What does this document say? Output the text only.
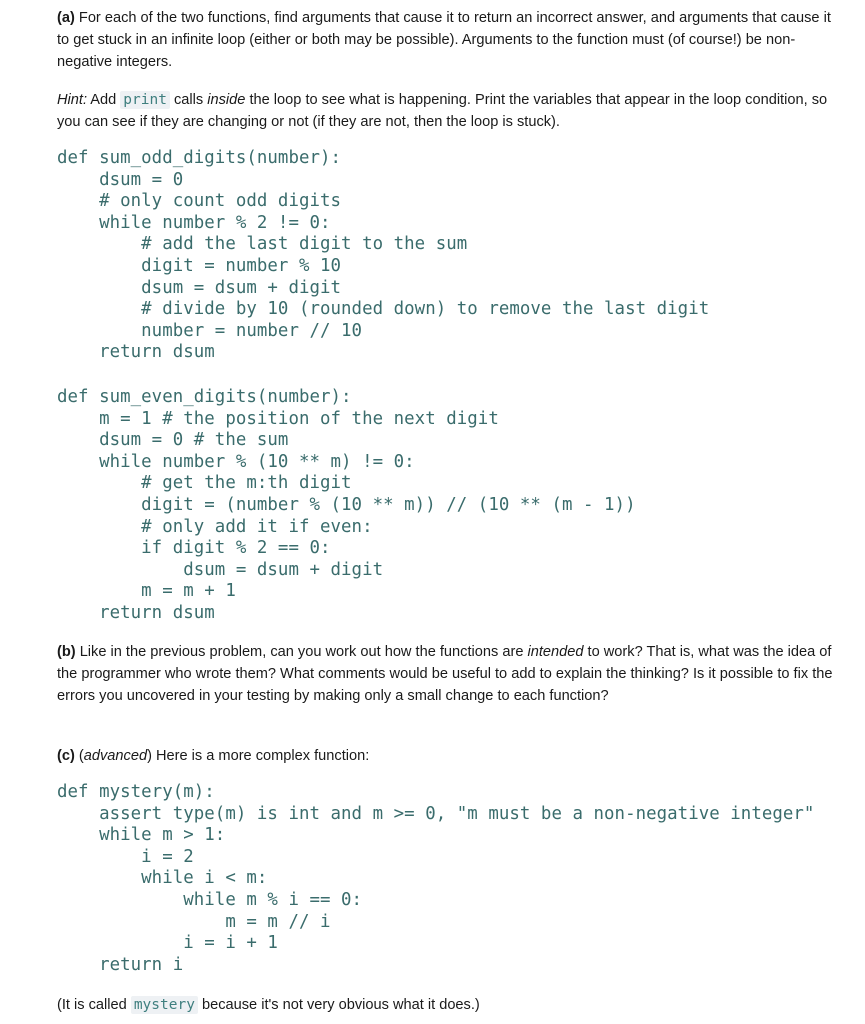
(a) For each of the two functions, find arguments that cause it to return an incorrect answer, and arguments that cause it to get stuck in an infinite loop (either or both may be possible). Arguments to the function must (of course!) be non-negative integers.

Hint: Add print calls inside the loop to see what is happening. Print the variables that appear in the loop condition, so you can see if they are changing or not (if they are not, then the loop is stuck).

def sum_odd_digits(number):
dsum = 0
# only count odd digits
while number % 2 != 0:
# add the last digit to the sum
digit = number % 10
dsum = dsum + digit
# divide by 10 (rounded down) to remove the last digit
number = number // 10
return dsum
def sum_even_digits(number):
m = 1 # the position of the next digit
dsum = 0 # the sum
while number % (10 ** m) != 0:
# get the m:th digit
digit = (number % (10 ** m)) // (10 ** (m - 1))
# only add it if even:
if digit % 2 == 0:
dsum = dsum + digit
m = m + 1
return dsum

(b) Like in the previous problem, can you work out how the functions are intended to work? That is, what was the idea of the programmer who wrote them? What comments would be useful to add to explain the thinking? Is it possible to fix the errors you uncovered in your testing by making only a small change to each function?

(c) (advanced) Here is a more complex function:

def mystery(m):
assert type(m) is int and m >= 0, "m must be a non-negative integer"
while m > 1:
i = 2
while i < m:
while m % i == 0:
m = m // i
i = i + 1
return i

(It is called mystery because it's not very obvious what it does.)
